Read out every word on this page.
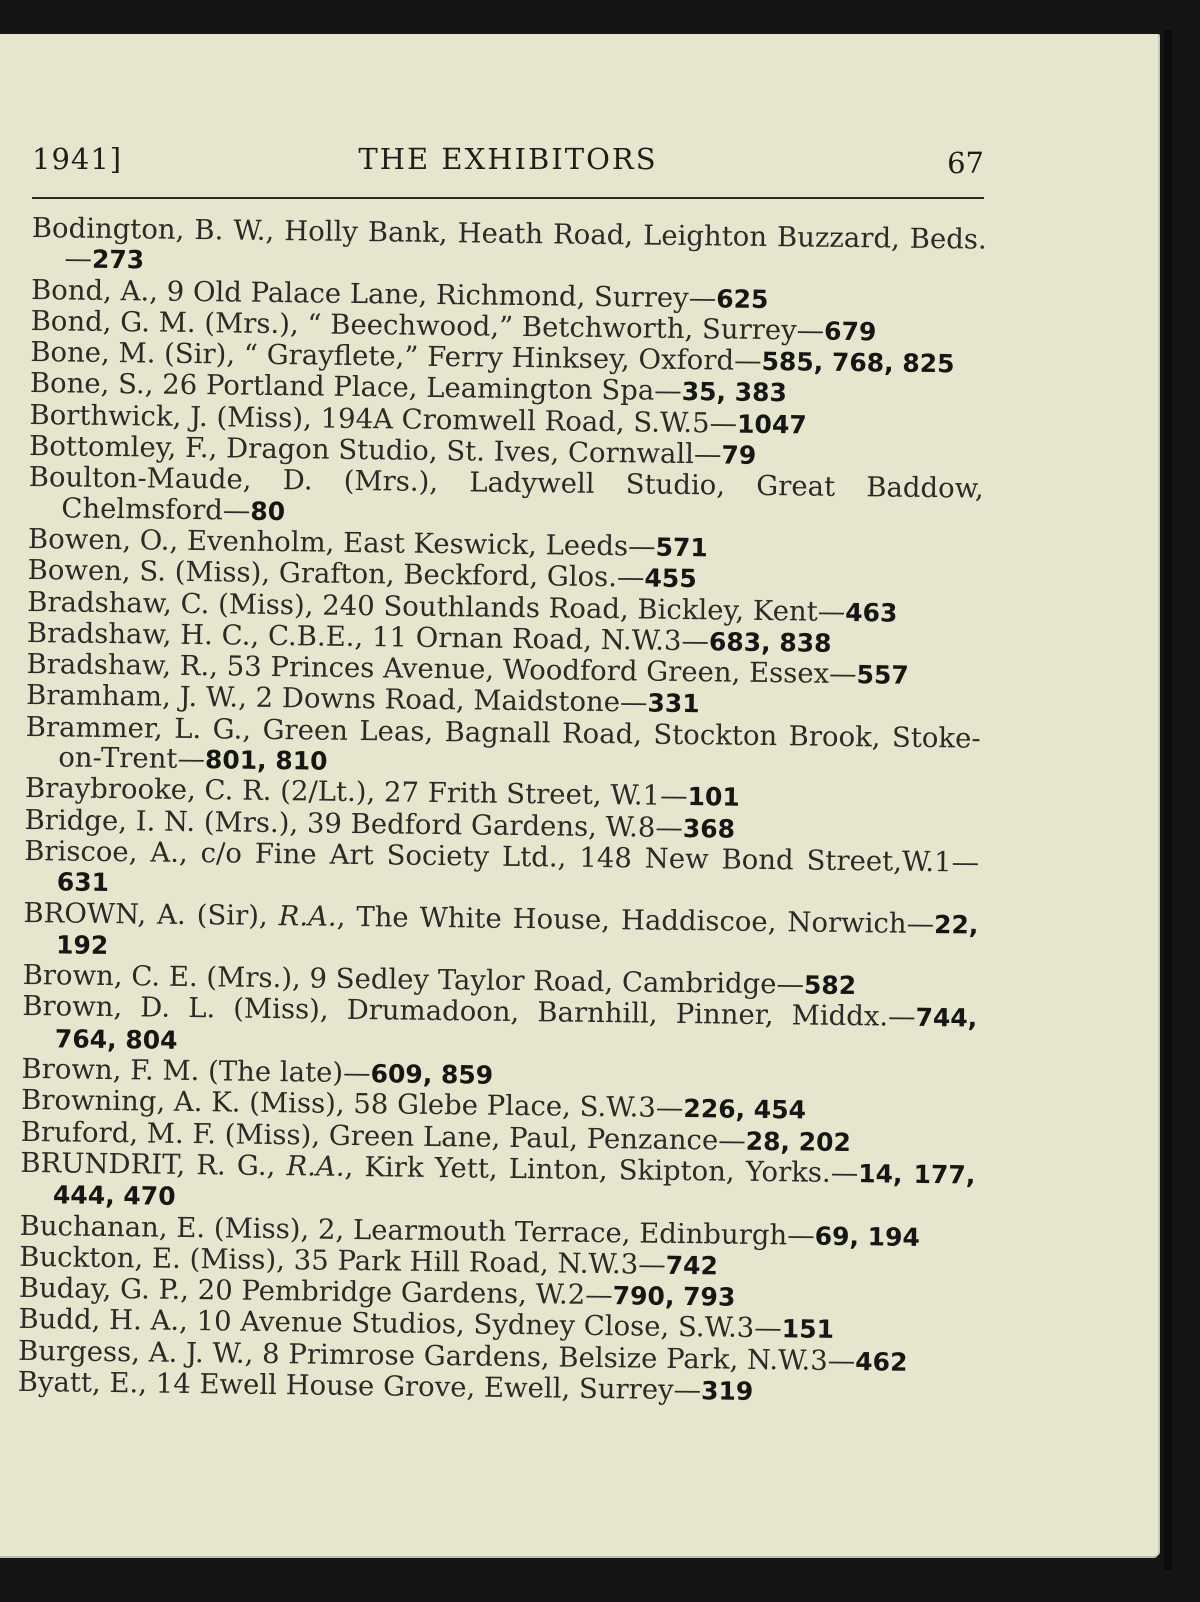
THE EXHIBITORS
1941]	67
Bodington, B. W., Holly Bank, Heath Road, Leighton Buzzard, Beds.—273
Bond, A., 9 Old Palace Lane, Richmond, Surrey—625
Bond, G. M. (Mrs.), “ Beechwood,” Betchworth, Surrey—679
Bone, M. (Sir), “ Grayflete,” Ferry Hinksey, Oxford—585, 768, 825
Bone, S., 26 Portland Place, Leamington Spa—35, 383
Borthwick, J. (Miss), 194A Cromwell Road, S.W.5—1047
Bottomley, F., Dragon Studio, St. Ives, Cornwall—79
Boulton-Maude, D. (Mrs.), Ladywell Studio, Great Baddow, Chelmsford—80
Bowen, O., Evenholm, East Keswick, Leeds—571
Bowen, S. (Miss), Grafton, Beckford, Glos.—455
Bradshaw, C. (Miss), 240 Southlands Road, Bickley, Kent—463
Bradshaw, H. C., C.B.E., 11 Ornan Road, N.W.3—683, 838
Bradshaw, R., 53 Princes Avenue, Woodford Green, Essex—557
Bramham, J. W., 2 Downs Road, Maidstone—331
Brammer, L. G., Green Leas, Bagnall Road, Stockton Brook, Stoke-on-Trent—801, 810
Braybrooke, C. R. (2/Lt.), 27 Frith Street, W.1—101
Bridge, I. N. (Mrs.), 39 Bedford Gardens, W.8—368
Briscoe, A., c/o Fine Art Society Ltd., 148 New Bond Street,W.1—631
BROWN, A. (Sir), R.A., The White House, Haddiscoe, Norwich—22, 192
Brown, C. E. (Mrs.), 9 Sedley Taylor Road, Cambridge—582
Brown, D. L. (Miss), Drumadoon, Barnhill, Pinner, Middx.—744, 764, 804
Brown, F. M. (The late)—609, 859
Browning, A. K. (Miss), 58 Glebe Place, S.W.3—226, 454
Bruford, M. F. (Miss), Green Lane, Paul, Penzance—28, 202
BRUNDRIT, R. G., R.A., Kirk Yett, Linton, Skipton, Yorks.—14, 177, 444, 470
Buchanan, E. (Miss), 2, Learmouth Terrace, Edinburgh—69, 194
Buckton, E. (Miss), 35 Park Hill Road, N.W.3—742
Buday, G. P., 20 Pembridge Gardens, W.2—790, 793
Budd, H. A., 10 Avenue Studios, Sydney Close, S.W.3—151
Burgess, A. J. W., 8 Primrose Gardens, Belsize Park, N.W.3—462
Byatt, E., 14 Ewell House Grove, Ewell, Surrey—319
